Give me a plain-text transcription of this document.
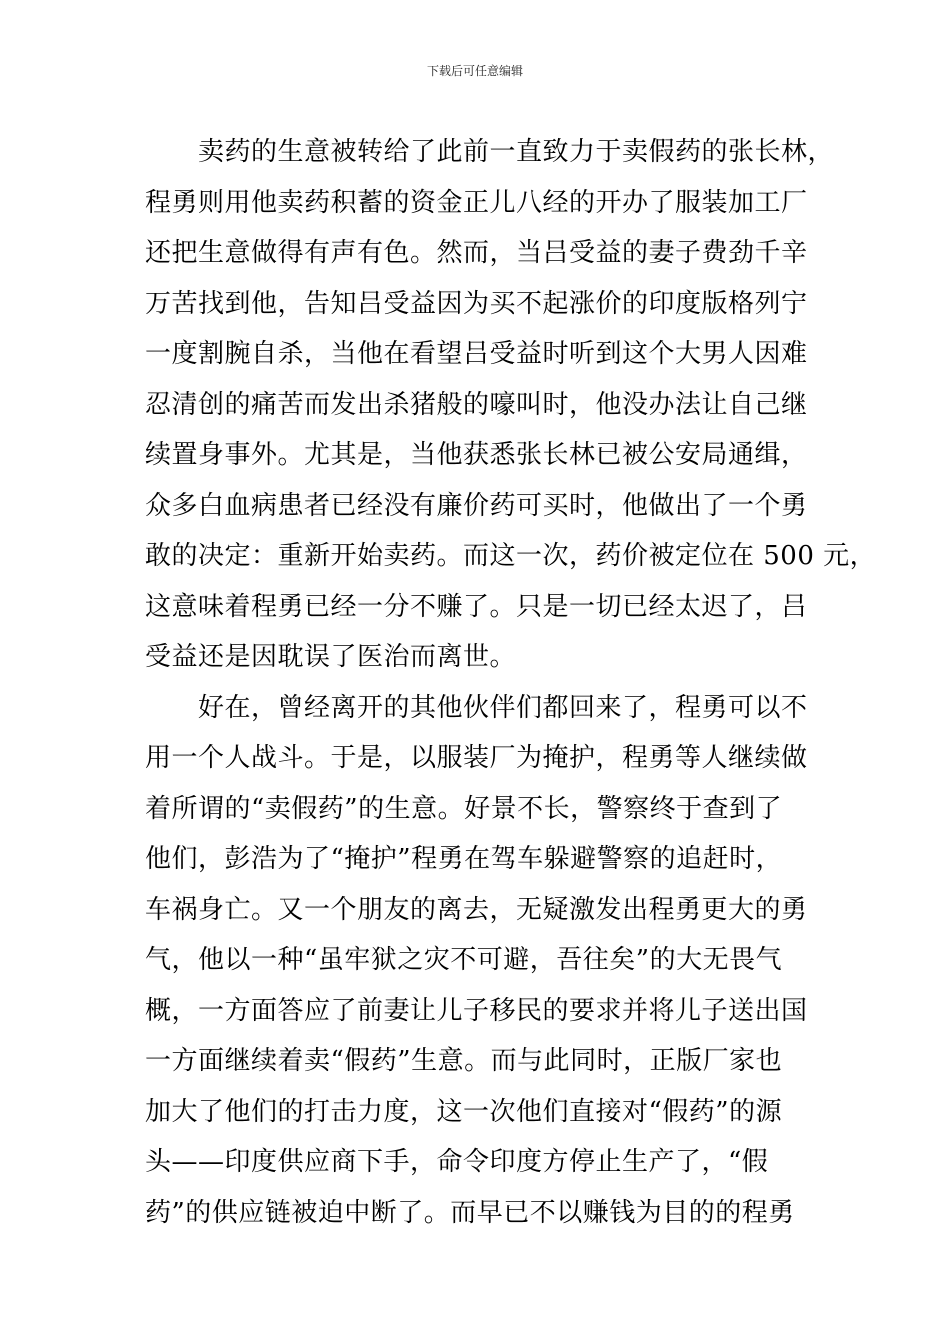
下载后可任意编辑
　　卖药的生意被转给了此前一直致力于卖假药的张长林，
程勇则用他卖药积蓄的资金正儿八经的开办了服装加工厂
还把生意做得有声有色。然而，当吕受益的妻子费劲千辛
万苦找到他，告知吕受益因为买不起涨价的印度版格列宁
一度割腕自杀，当他在看望吕受益时听到这个大男人因难
忍清创的痛苦而发出杀猪般的嚎叫时，他没办法让自己继
续置身事外。尤其是，当他获悉张长林已被公安局通缉，
众多白血病患者已经没有廉价药可买时，他做出了一个勇
敢的决定：重新开始卖药。而这一次，药价被定位在 500 元，
这意味着程勇已经一分不赚了。只是一切已经太迟了，吕
受益还是因耽误了医治而离世。
　　好在，曾经离开的其他伙伴们都回来了，程勇可以不
用一个人战斗。于是，以服装厂为掩护，程勇等人继续做
着所谓的“卖假药”的生意。好景不长，警察终于查到了
他们，彭浩为了“掩护”程勇在驾车躲避警察的追赶时，
车祸身亡。又一个朋友的离去，无疑激发出程勇更大的勇
气，他以一种“虽牢狱之灾不可避，吾往矣”的大无畏气
概，一方面答应了前妻让儿子移民的要求并将儿子送出国
一方面继续着卖“假药”生意。而与此同时，正版厂家也
加大了他们的打击力度，这一次他们直接对“假药”的源
头——印度供应商下手，命令印度方停止生产了，“假
药”的供应链被迫中断了。而早已不以赚钱为目的的程勇
